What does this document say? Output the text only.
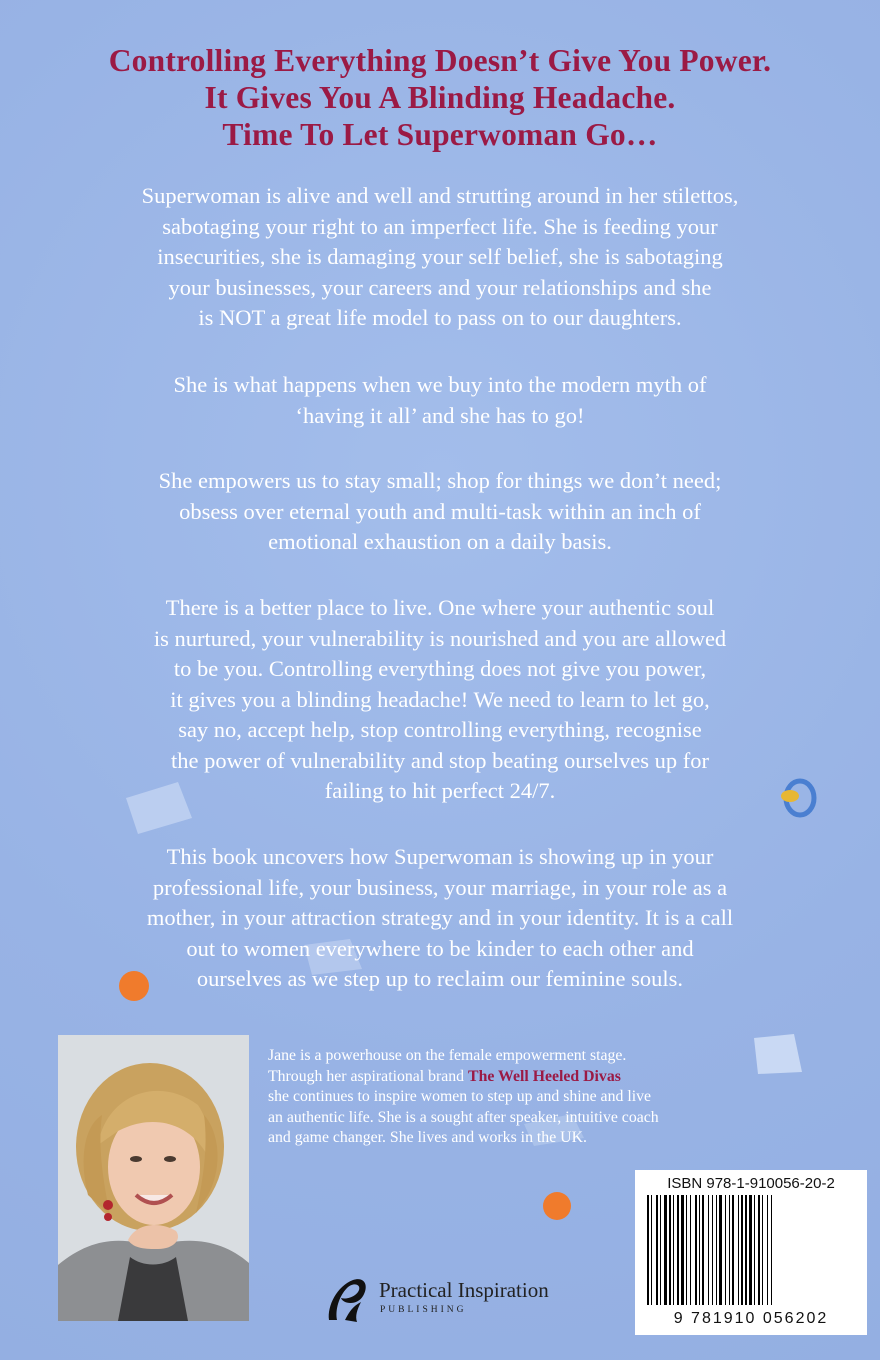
Controlling Everything Doesn’t Give You Power.
It Gives You A Blinding Headache.
Time To Let Superwoman Go…
Superwoman is alive and well and strutting around in her stilettos,
sabotaging your right to an imperfect life. She is feeding your
insecurities, she is damaging your self belief, she is sabotaging
your businesses, your careers and your relationships and she
is NOT a great life model to pass on to our daughters.
She is what happens when we buy into the modern myth of
‘having it all’ and she has to go!
She empowers us to stay small; shop for things we don’t need;
obsess over eternal youth and multi-task within an inch of
emotional exhaustion on a daily basis.
There is a better place to live. One where your authentic soul
is nurtured, your vulnerability is nourished and you are allowed
to be you. Controlling everything does not give you power,
it gives you a blinding headache! We need to learn to let go,
say no, accept help, stop controlling everything, recognise
the power of vulnerability and stop beating ourselves up for
failing to hit perfect 24/7.
This book uncovers how Superwoman is showing up in your
professional life, your business, your marriage, in your role as a
mother, in your attraction strategy and in your identity. It is a call
out to women everywhere to be kinder to each other and
ourselves as we step up to reclaim our feminine souls.
Jane is a powerhouse on the female empowerment stage.
Through her aspirational brand The Well Heeled Divas
she continues to inspire women to step up and shine and live
an authentic life. She is a sought after speaker, intuitive coach
and game changer. She lives and works in the UK.
Practical Inspiration
PUBLISHING
ISBN 978-1-910056-20-2
9 781910 056202
